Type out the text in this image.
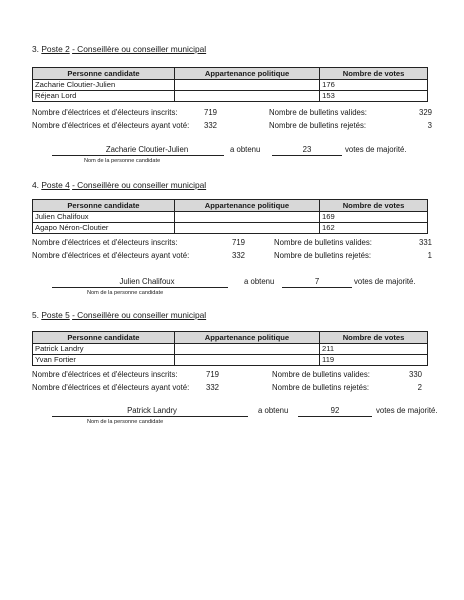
3. Poste 2 - Conseillère ou conseiller municipal
Personne candidate	Appartenance politique	Nombre de votes
Zacharie Cloutier-Julien		176
Réjean Lord		153
Nombre d'électrices et d'électeurs inscrits:	719
Nombre d'électrices et d'électeurs ayant voté: 332
Nombre de bulletins valides:	329
Nombre de bulletins rejetés:	3
Zacharie Cloutier-Julien
Nom de la personne candidate
a obtenu	23	votes de majorité.
4. Poste 4 - Conseillère ou conseiller municipal
Personne candidate	Appartenance politique	Nombre de votes
Julien Chalifoux		169
Agapo Néron-Cloutier		162
Nombre d'électrices et d'électeurs inscrits:	719
Nombre d'électrices et d'électeurs ayant voté:	332
Nombre de bulletins valides:	331
Nombre de bulletins rejetés:	1
Julien Chalifoux
Nom de la personne candidate
a obtenu	7	votes de majorité.
5. Poste 5 - Conseillère ou conseiller municipal
Personne candidate	Appartenance politique	Nombre de votes
Patrick Landry		211
Yvan Fortier		119
Nombre d'électrices et d'électeurs inscrits:	719
Nombre d'électrices et d'électeurs ayant voté: 332
Nombre de bulletins valides:	330
Nombre de bulletins rejetés:	2
Patrick Landry
Nom de la personne candidate
a obtenu	92	votes de majorité.
